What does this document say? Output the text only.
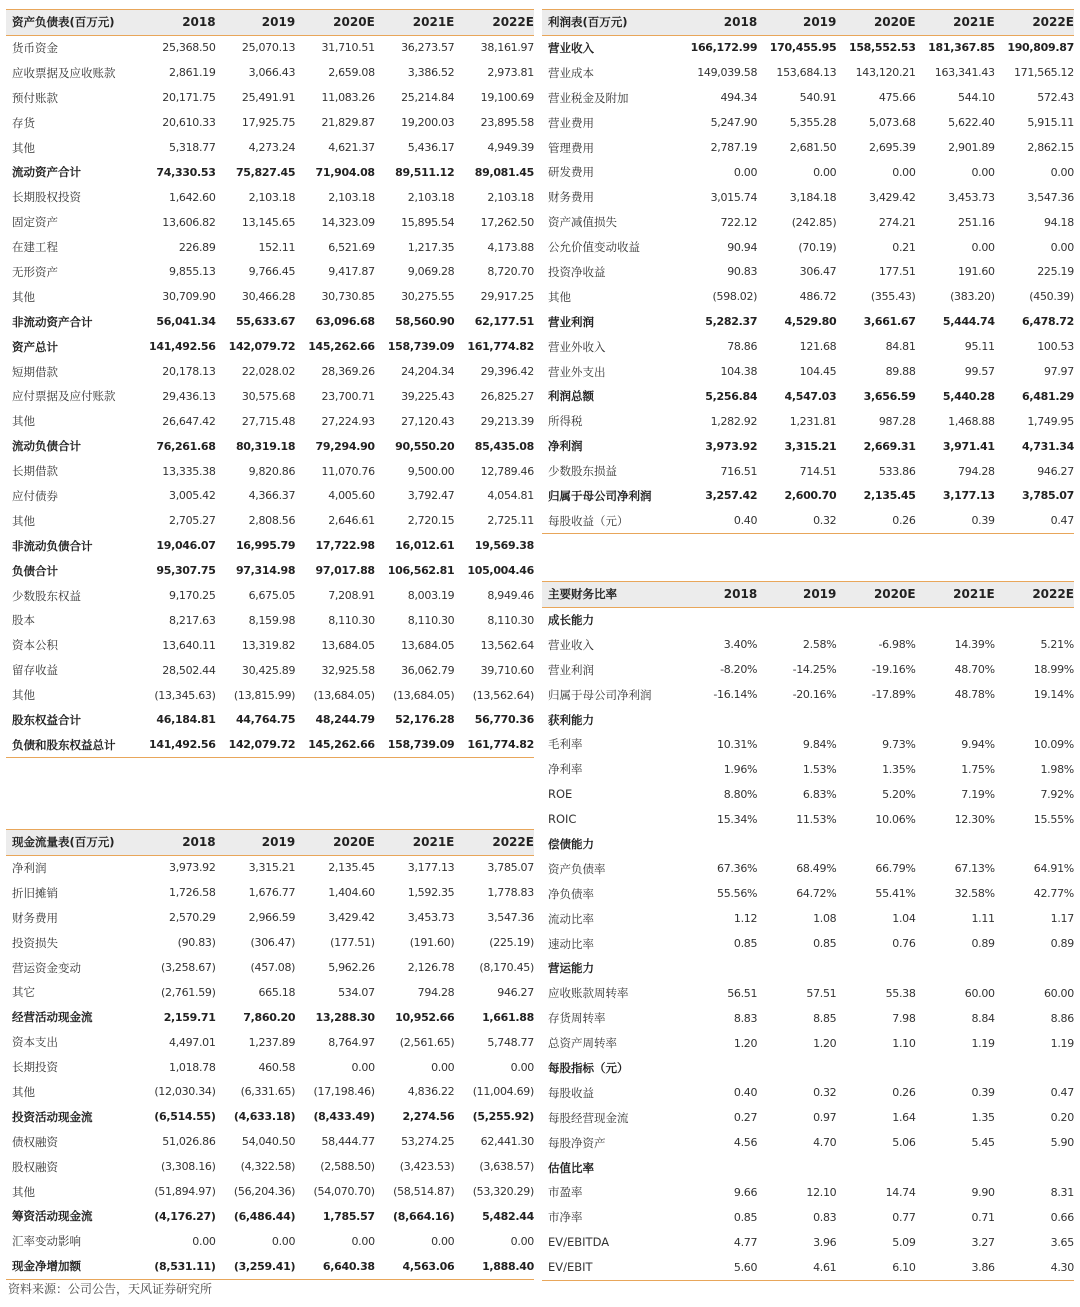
资产负债表(百万元)	2018	2019	2020E	2021E	2022E
货币资金	25,368.50	25,070.13	31,710.51	36,273.57	38,161.97
应收票据及应收账款	2,861.19	3,066.43	2,659.08	3,386.52	2,973.81
预付账款	20,171.75	25,491.91	11,083.26	25,214.84	19,100.69
存货	20,610.33	17,925.75	21,829.87	19,200.03	23,895.58
其他	5,318.77	4,273.24	4,621.37	5,436.17	4,949.39
流动资产合计	74,330.53	75,827.45	71,904.08	89,511.12	89,081.45
长期股权投资	1,642.60	2,103.18	2,103.18	2,103.18	2,103.18
固定资产	13,606.82	13,145.65	14,323.09	15,895.54	17,262.50
在建工程	226.89	152.11	6,521.69	1,217.35	4,173.88
无形资产	9,855.13	9,766.45	9,417.87	9,069.28	8,720.70
其他	30,709.90	30,466.28	30,730.85	30,275.55	29,917.25
非流动资产合计	56,041.34	55,633.67	63,096.68	58,560.90	62,177.51
资产总计	141,492.56	142,079.72	145,262.66	158,739.09	161,774.82
短期借款	20,178.13	22,028.02	28,369.26	24,204.34	29,396.42
应付票据及应付账款	29,436.13	30,575.68	23,700.71	39,225.43	26,825.27
其他	26,647.42	27,715.48	27,224.93	27,120.43	29,213.39
流动负债合计	76,261.68	80,319.18	79,294.90	90,550.20	85,435.08
长期借款	13,335.38	9,820.86	11,070.76	9,500.00	12,789.46
应付债券	3,005.42	4,366.37	4,005.60	3,792.47	4,054.81
其他	2,705.27	2,808.56	2,646.61	2,720.15	2,725.11
非流动负债合计	19,046.07	16,995.79	17,722.98	16,012.61	19,569.38
负债合计	95,307.75	97,314.98	97,017.88	106,562.81	105,004.46
少数股东权益	9,170.25	6,675.05	7,208.91	8,003.19	8,949.46
股本	8,217.63	8,159.98	8,110.30	8,110.30	8,110.30
资本公积	13,640.11	13,319.82	13,684.05	13,684.05	13,562.64
留存收益	28,502.44	30,425.89	32,925.58	36,062.79	39,710.60
其他	(13,345.63)	(13,815.99)	(13,684.05)	(13,684.05)	(13,562.64)
股东权益合计	46,184.81	44,764.75	48,244.79	52,176.28	56,770.36
负债和股东权益总计	141,492.56	142,079.72	145,262.66	158,739.09	161,774.82
利润表(百万元)	2018	2019	2020E	2021E	2022E
营业收入	166,172.99	170,455.95	158,552.53	181,367.85	190,809.87
营业成本	149,039.58	153,684.13	143,120.21	163,341.43	171,565.12
营业税金及附加	494.34	540.91	475.66	544.10	572.43
营业费用	5,247.90	5,355.28	5,073.68	5,622.40	5,915.11
管理费用	2,787.19	2,681.50	2,695.39	2,901.89	2,862.15
研发费用	0.00	0.00	0.00	0.00	0.00
财务费用	3,015.74	3,184.18	3,429.42	3,453.73	3,547.36
资产减值损失	722.12	(242.85)	274.21	251.16	94.18
公允价值变动收益	90.94	(70.19)	0.21	0.00	0.00
投资净收益	90.83	306.47	177.51	191.60	225.19
其他	(598.02)	486.72	(355.43)	(383.20)	(450.39)
营业利润	5,282.37	4,529.80	3,661.67	5,444.74	6,478.72
营业外收入	78.86	121.68	84.81	95.11	100.53
营业外支出	104.38	104.45	89.88	99.57	97.97
利润总额	5,256.84	4,547.03	3,656.59	5,440.28	6,481.29
所得税	1,282.92	1,231.81	987.28	1,468.88	1,749.95
净利润	3,973.92	3,315.21	2,669.31	3,971.41	4,731.34
少数股东损益	716.51	714.51	533.86	794.28	946.27
归属于母公司净利润	3,257.42	2,600.70	2,135.45	3,177.13	3,785.07
每股收益（元）	0.40	0.32	0.26	0.39	0.47
现金流量表(百万元)	2018	2019	2020E	2021E	2022E
净利润	3,973.92	3,315.21	2,135.45	3,177.13	3,785.07
折旧摊销	1,726.58	1,676.77	1,404.60	1,592.35	1,778.83
财务费用	2,570.29	2,966.59	3,429.42	3,453.73	3,547.36
投资损失	(90.83)	(306.47)	(177.51)	(191.60)	(225.19)
营运资金变动	(3,258.67)	(457.08)	5,962.26	2,126.78	(8,170.45)
其它	(2,761.59)	665.18	534.07	794.28	946.27
经营活动现金流	2,159.71	7,860.20	13,288.30	10,952.66	1,661.88
资本支出	4,497.01	1,237.89	8,764.97	(2,561.65)	5,748.77
长期投资	1,018.78	460.58	0.00	0.00	0.00
其他	(12,030.34)	(6,331.65)	(17,198.46)	4,836.22	(11,004.69)
投资活动现金流	(6,514.55)	(4,633.18)	(8,433.49)	2,274.56	(5,255.92)
债权融资	51,026.86	54,040.50	58,444.77	53,274.25	62,441.30
股权融资	(3,308.16)	(4,322.58)	(2,588.50)	(3,423.53)	(3,638.57)
其他	(51,894.97)	(56,204.36)	(54,070.70)	(58,514.87)	(53,320.29)
筹资活动现金流	(4,176.27)	(6,486.44)	1,785.57	(8,664.16)	5,482.44
汇率变动影响	0.00	0.00	0.00	0.00	0.00
现金净增加额	(8,531.11)	(3,259.41)	6,640.38	4,563.06	1,888.40
主要财务比率	2018	2019	2020E	2021E	2022E
成长能力
营业收入	3.40%	2.58%	-6.98%	14.39%	5.21%
营业利润	-8.20%	-14.25%	-19.16%	48.70%	18.99%
归属于母公司净利润	-16.14%	-20.16%	-17.89%	48.78%	19.14%
获利能力
毛利率	10.31%	9.84%	9.73%	9.94%	10.09%
净利率	1.96%	1.53%	1.35%	1.75%	1.98%
ROE	8.80%	6.83%	5.20%	7.19%	7.92%
ROIC	15.34%	11.53%	10.06%	12.30%	15.55%
偿债能力
资产负债率	67.36%	68.49%	66.79%	67.13%	64.91%
净负债率	55.56%	64.72%	55.41%	32.58%	42.77%
流动比率	1.12	1.08	1.04	1.11	1.17
速动比率	0.85	0.85	0.76	0.89	0.89
营运能力
应收账款周转率	56.51	57.51	55.38	60.00	60.00
存货周转率	8.83	8.85	7.98	8.84	8.86
总资产周转率	1.20	1.20	1.10	1.19	1.19
每股指标（元）
每股收益	0.40	0.32	0.26	0.39	0.47
每股经营现金流	0.27	0.97	1.64	1.35	0.20
每股净资产	4.56	4.70	5.06	5.45	5.90
估值比率
市盈率	9.66	12.10	14.74	9.90	8.31
市净率	0.85	0.83	0.77	0.71	0.66
EV/EBITDA	4.77	3.96	5.09	3.27	3.65
EV/EBIT	5.60	4.61	6.10	3.86	4.30
资料来源：公司公告，天风证券研究所
